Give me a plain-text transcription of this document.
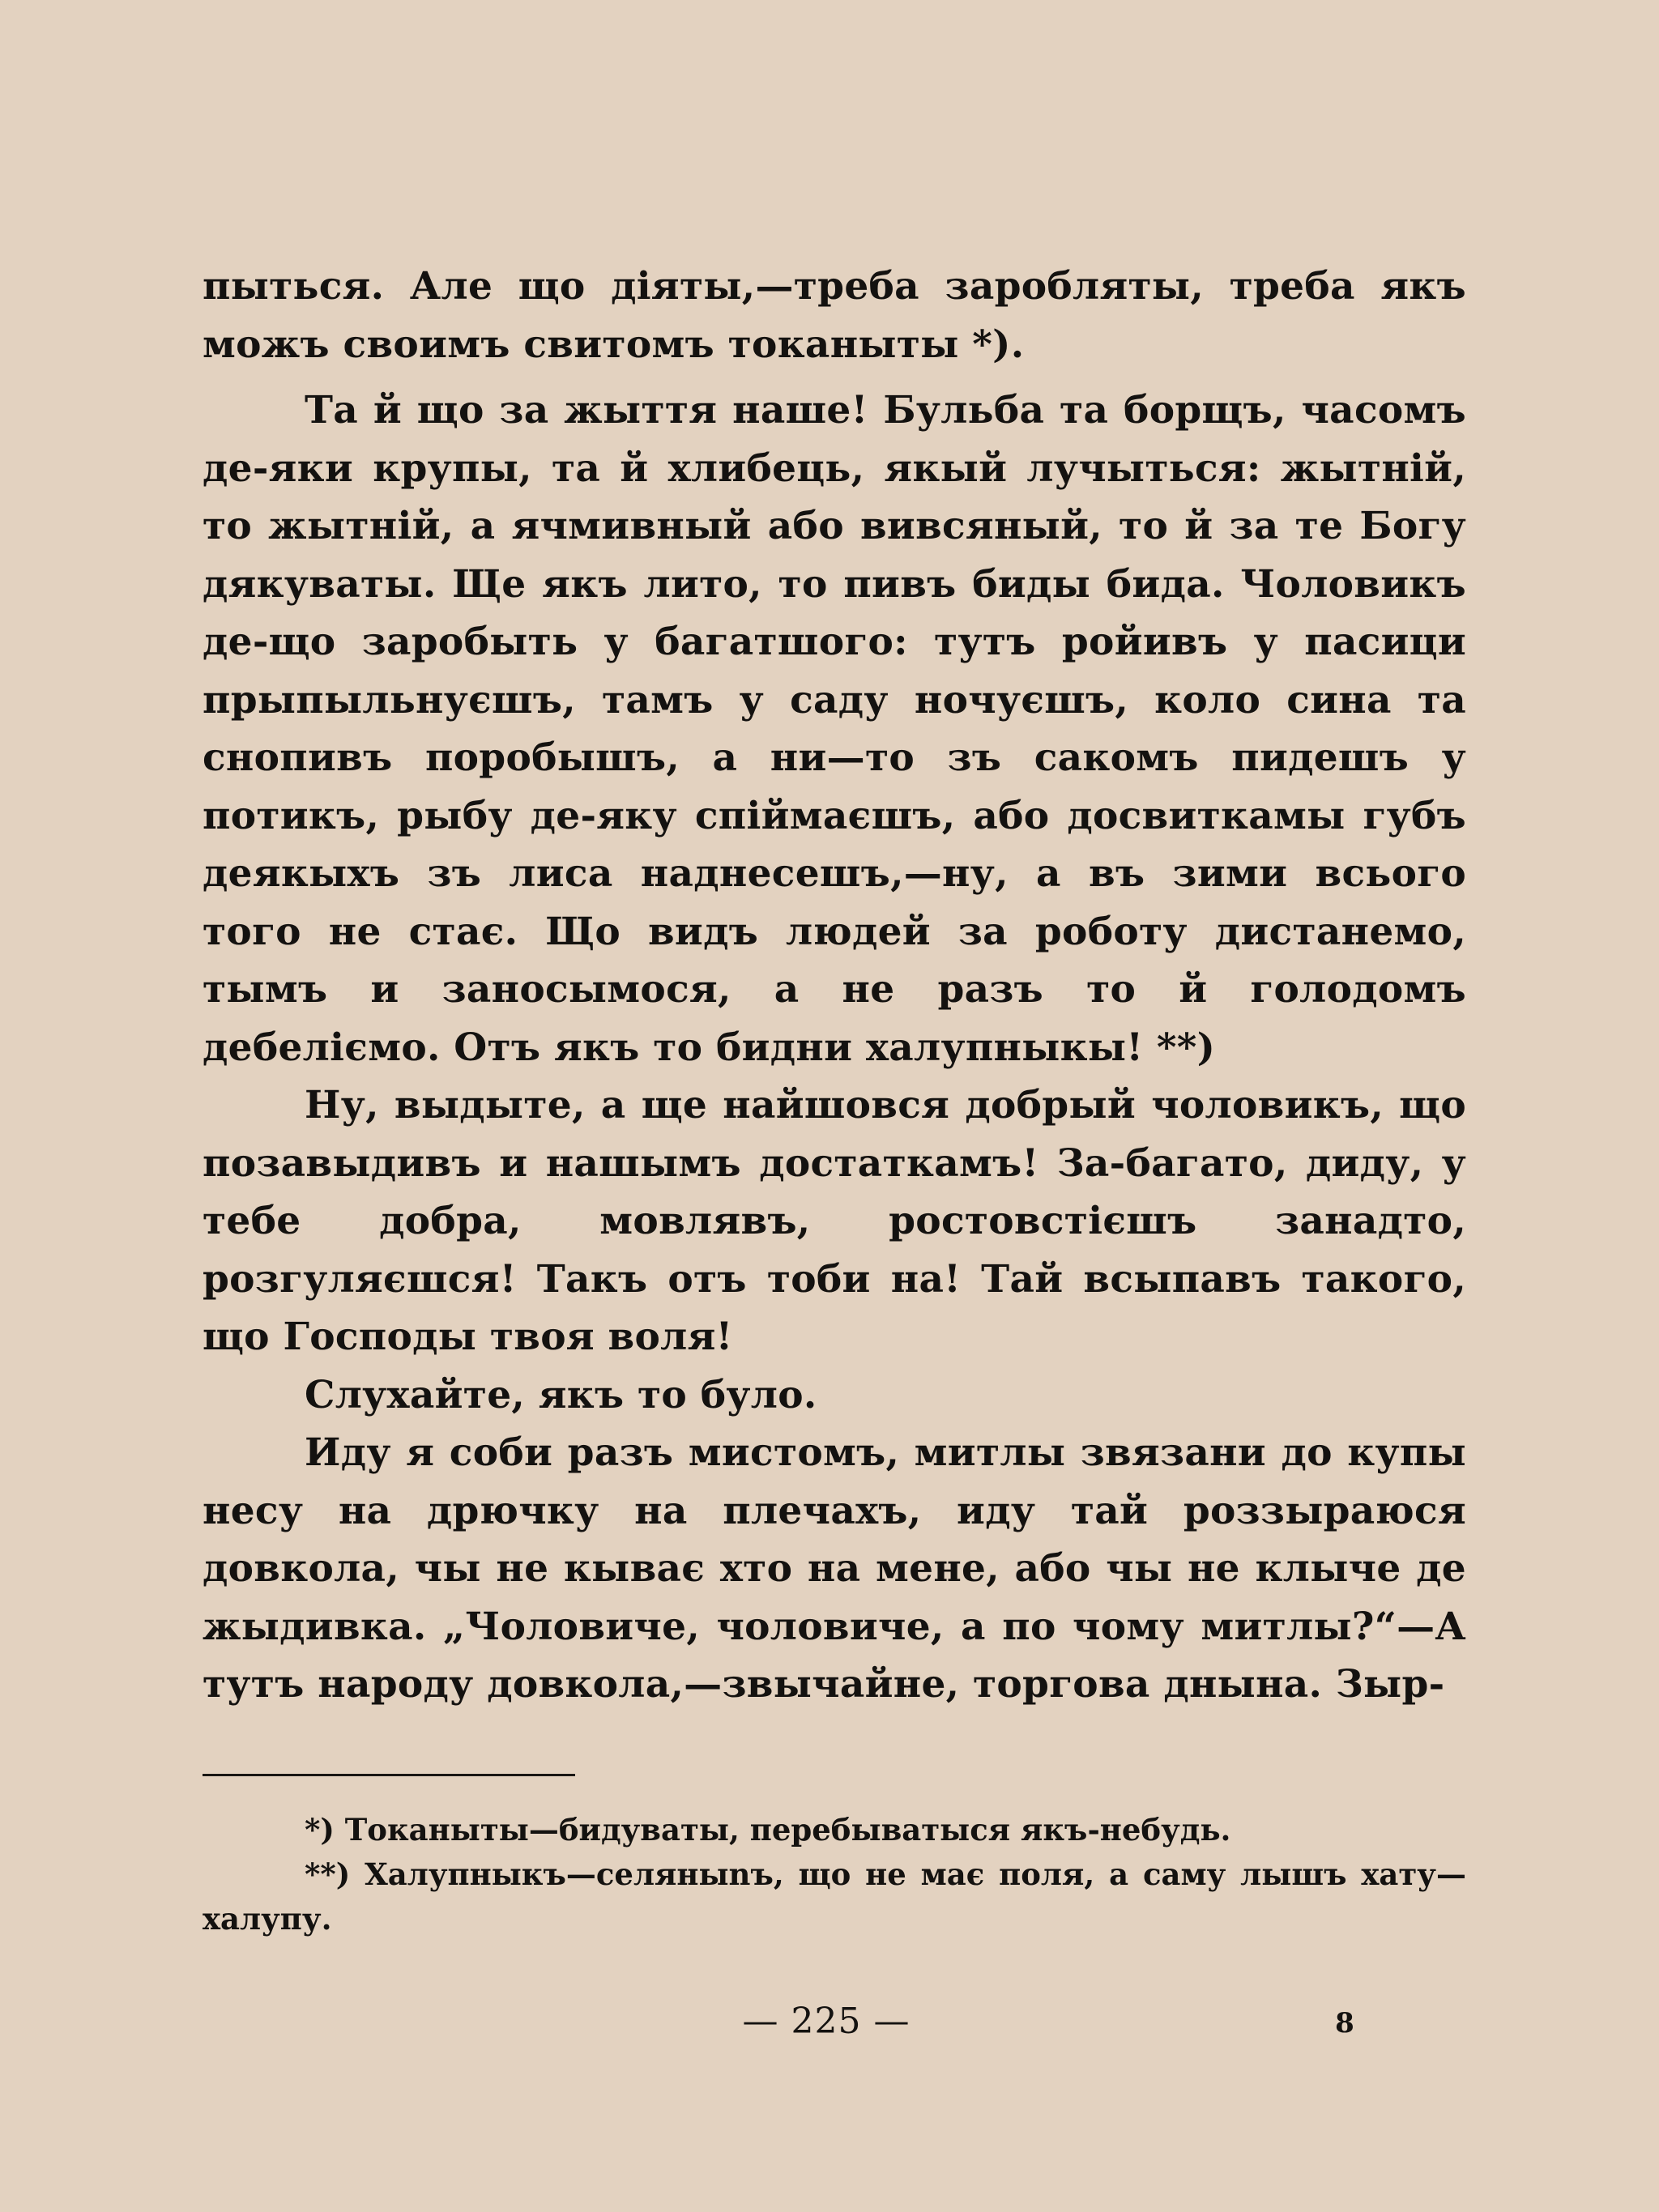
пыться. Але що діяты,—треба заробляты, треба якъ можъ своимъ свитомъ токаныты *).

Та й що за жыття наше! Бульба та борщъ, часомъ де-яки крупы, та й хлибець, якый лучыться: жытній, то жытній, а ячмивный або вивсяный, то й за те Богу дякуваты. Ще якъ лито, то пивъ биды бида. Чоловикъ де-що заробыть у багатшого: тутъ ройивъ у пасици прыпыльнуєшъ, тамъ у саду ночуєшъ, коло сина та снопивъ поробышъ, а ни—то зъ сакомъ пидешъ у потикъ, рыбу де-яку спіймаєшъ, або досвиткамы губъ деякыхъ зъ лиса наднесешъ,—ну, а въ зими всього того не стає. Що видъ людей за роботу дистанемо, тымъ и заносымося, а не разъ то й голодомъ дебеліємо. Отъ якъ то бидни халупныкы! **)

Ну, выдыте, а ще найшовся добрый чоловикъ, що позавыдивъ и нашымъ достаткамъ! За-багато, диду, у тебе добра, мовлявъ, ростовстієшъ занадто, розгуляєшся! Такъ отъ тоби на! Тай всыпавъ такого, що Господы твоя воля!

Слухайте, якъ то було.

Иду я соби разъ мистомъ, митлы звязани до купы несу на дрючку на плечахъ, иду тай роззыраюся довкола, чы не кыває хто на мене, або чы не клыче де жыдивка. „Чоловиче, чоловиче, а по чому митлы?“—А тутъ народу довкола,—звычайне, торгова днына. Зыр-

*) Токаныты—бидуваты, перебыватыся якъ-небудь.

**) Халупныкъ—селяныnъ, що не має поля, а саму лышъ хату—халупу.

— 225 —	8
